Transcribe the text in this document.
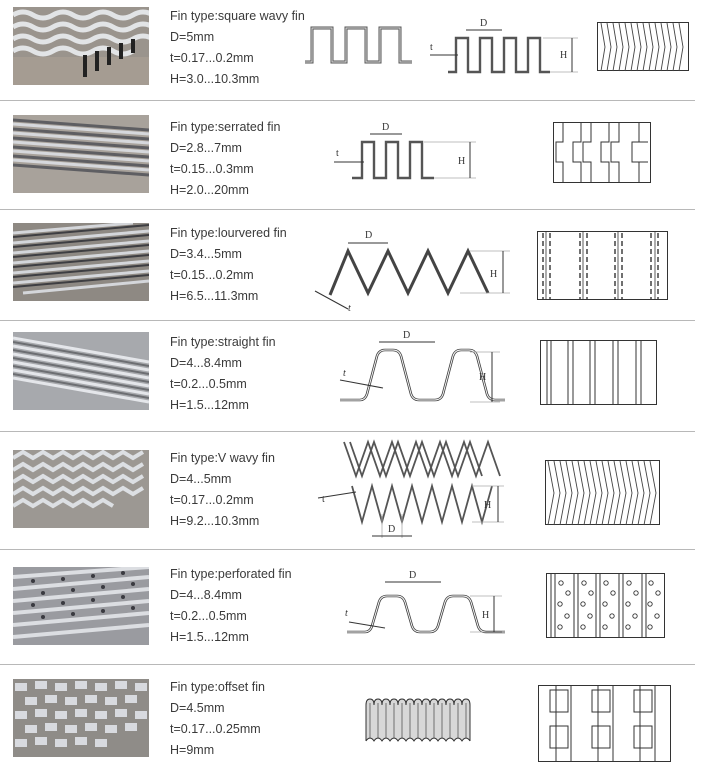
Fin type:square wavy fin
D=5mm
t=0.17...0.2mm
H=3.0...10.3mm
D
t
H
Fin type:serrated fin
D=2.8...7mm
t=0.15...0.3mm
H=2.0...20mm
D
t
H
Fin type:lourvered fin
D=3.4...5mm
t=0.15...0.2mm
H=6.5...11.3mm
D
t
H
Fin type:straight fin
D=4...8.4mm
t=0.2...0.5mm
H=1.5...12mm
D
t	H
Fin type:V wavy fin
D=4...5mm
t=0.17...0.2mm
H=9.2...10.3mm
t
D
H
Fin type:perforated fin
D=4...8.4mm
t=0.2...0.5mm
H=1.5...12mm
D
t	H
Fin type:offset fin
D=4.5mm
t=0.17...0.25mm
H=9mm
